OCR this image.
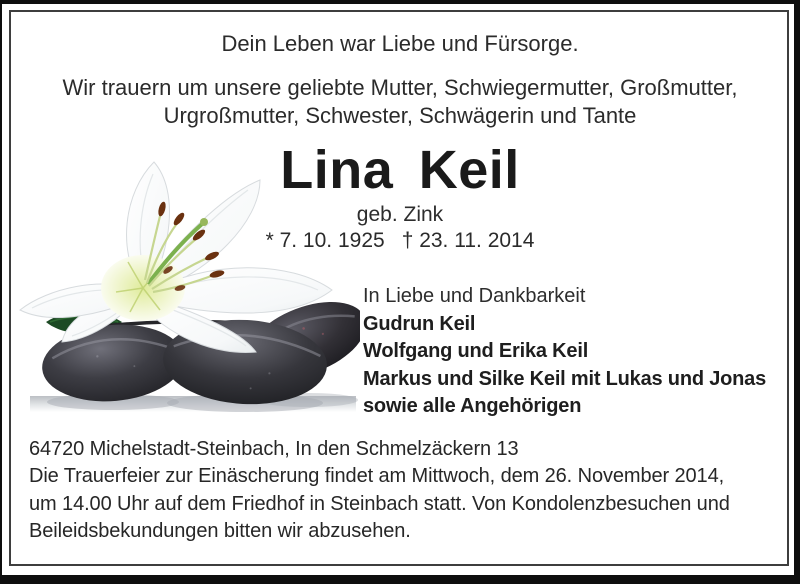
Dein Leben war Liebe und Fürsorge.
Wir trauern um unsere geliebte Mutter, Schwiegermutter, Großmutter,
Urgroßmutter, Schwester, Schwägerin und Tante
Lina Keil
geb. Zink
* 7. 10. 1925 † 23. 11. 2014
In Liebe und Dankbarkeit
Gudrun Keil
Wolfgang und Erika Keil
Markus und Silke Keil mit Lukas und Jonas
sowie alle Angehörigen
64720 Michelstadt-Steinbach, In den Schmelzäckern 13
Die Trauerfeier zur Einäscherung findet am Mittwoch, dem 26. November 2014,
um 14.00 Uhr auf dem Friedhof in Steinbach statt. Von Kondolenzbesuchen und
Beileidsbekundungen bitten wir abzusehen.
